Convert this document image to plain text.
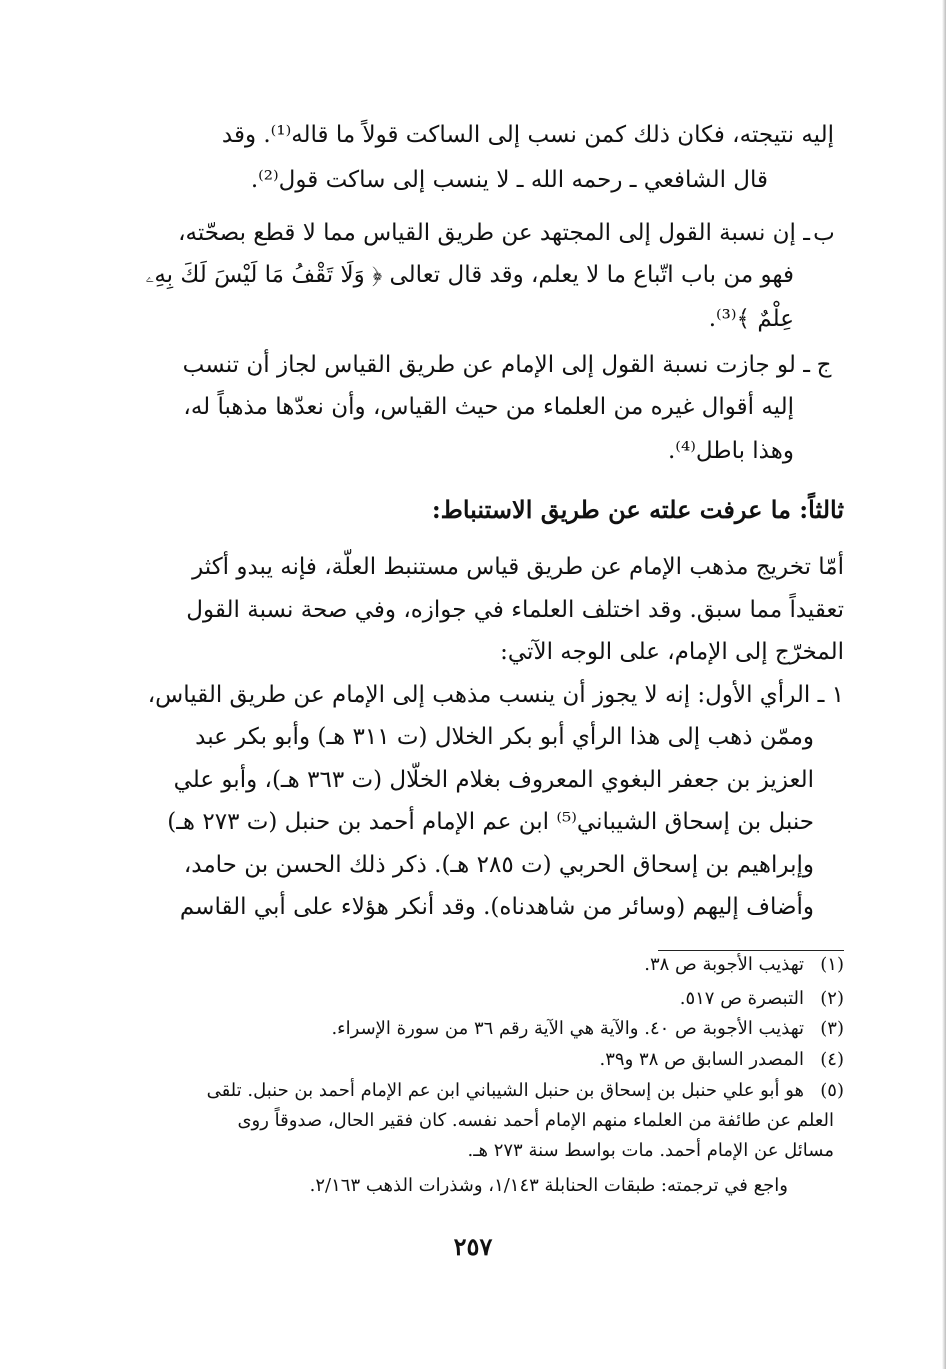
إليه نتيجته، فكان ذلك كمن نسب إلى الساكت قولاً ما قاله⁽¹⁾. وقد
قال الشافعي ـ رحمه الله ـ لا ينسب إلى ساكت قول⁽²⁾.
ب
ـ إن نسبة القول إلى المجتهد عن طريق القياس مما لا قطع بصحّته،
فهو من باب اتّباع ما لا يعلم، وقد قال تعالى ﴿ وَلَا تَقْفُ مَا لَيْسَ لَكَ بِهِۦ
عِلْمٌ ﴾⁽³⁾.
ج
ـ لو جازت نسبة القول إلى الإمام عن طريق القياس لجاز أن تنسب
إليه أقوال غيره من العلماء من حيث القياس، وأن نعدّها مذهباً له،
وهذا باطل⁽⁴⁾.
ثالثاً: ما عرفت علته عن طريق الاستنباط:
أمّا تخريج مذهب الإمام عن طريق قياس مستنبط العلّة، فإنه يبدو أكثر
تعقيداً مما سبق. وقد اختلف العلماء في جوازه، وفي صحة نسبة القول
المخرّج إلى الإمام، على الوجه الآتي:
١ ـ الرأي الأول: إنه لا يجوز أن ينسب مذهب إلى الإمام عن طريق القياس،
وممّن ذهب إلى هذا الرأي أبو بكر الخلال (ت ٣١١ هـ) وأبو بكر عبد
العزيز بن جعفر البغوي المعروف بغلام الخلّال (ت ٣٦٣ هـ)، وأبو علي
حنبل بن إسحاق الشيباني⁽⁵⁾ ابن عم الإمام أحمد بن حنبل (ت ٢٧٣ هـ)
وإبراهيم بن إسحاق الحربي (ت ٢٨٥ هـ). ذكر ذلك الحسن بن حامد،
وأضاف إليهم (وسائر من شاهدناه). وقد أنكر هؤلاء على أبي القاسم
(١)
تهذيب الأجوبة ص ٣٨.
(٢)
التبصرة ص ٥١٧.
(٣)
تهذيب الأجوبة ص ٤٠. والآية هي الآية رقم ٣٦ من سورة الإسراء.
(٤)
المصدر السابق ص ٣٨ و٣٩.
(٥)
هو أبو علي حنبل بن إسحاق بن حنبل الشيباني ابن عم الإمام أحمد بن حنبل. تلقى
العلم عن طائفة من العلماء منهم الإمام أحمد نفسه. كان فقير الحال، صدوقاً روى
مسائل عن الإمام أحمد. مات بواسط سنة ٢٧٣ هـ.
واجع في ترجمته: طبقات الحنابلة ١/١٤٣، وشذرات الذهب ٢/١٦٣.
٢٥٧
